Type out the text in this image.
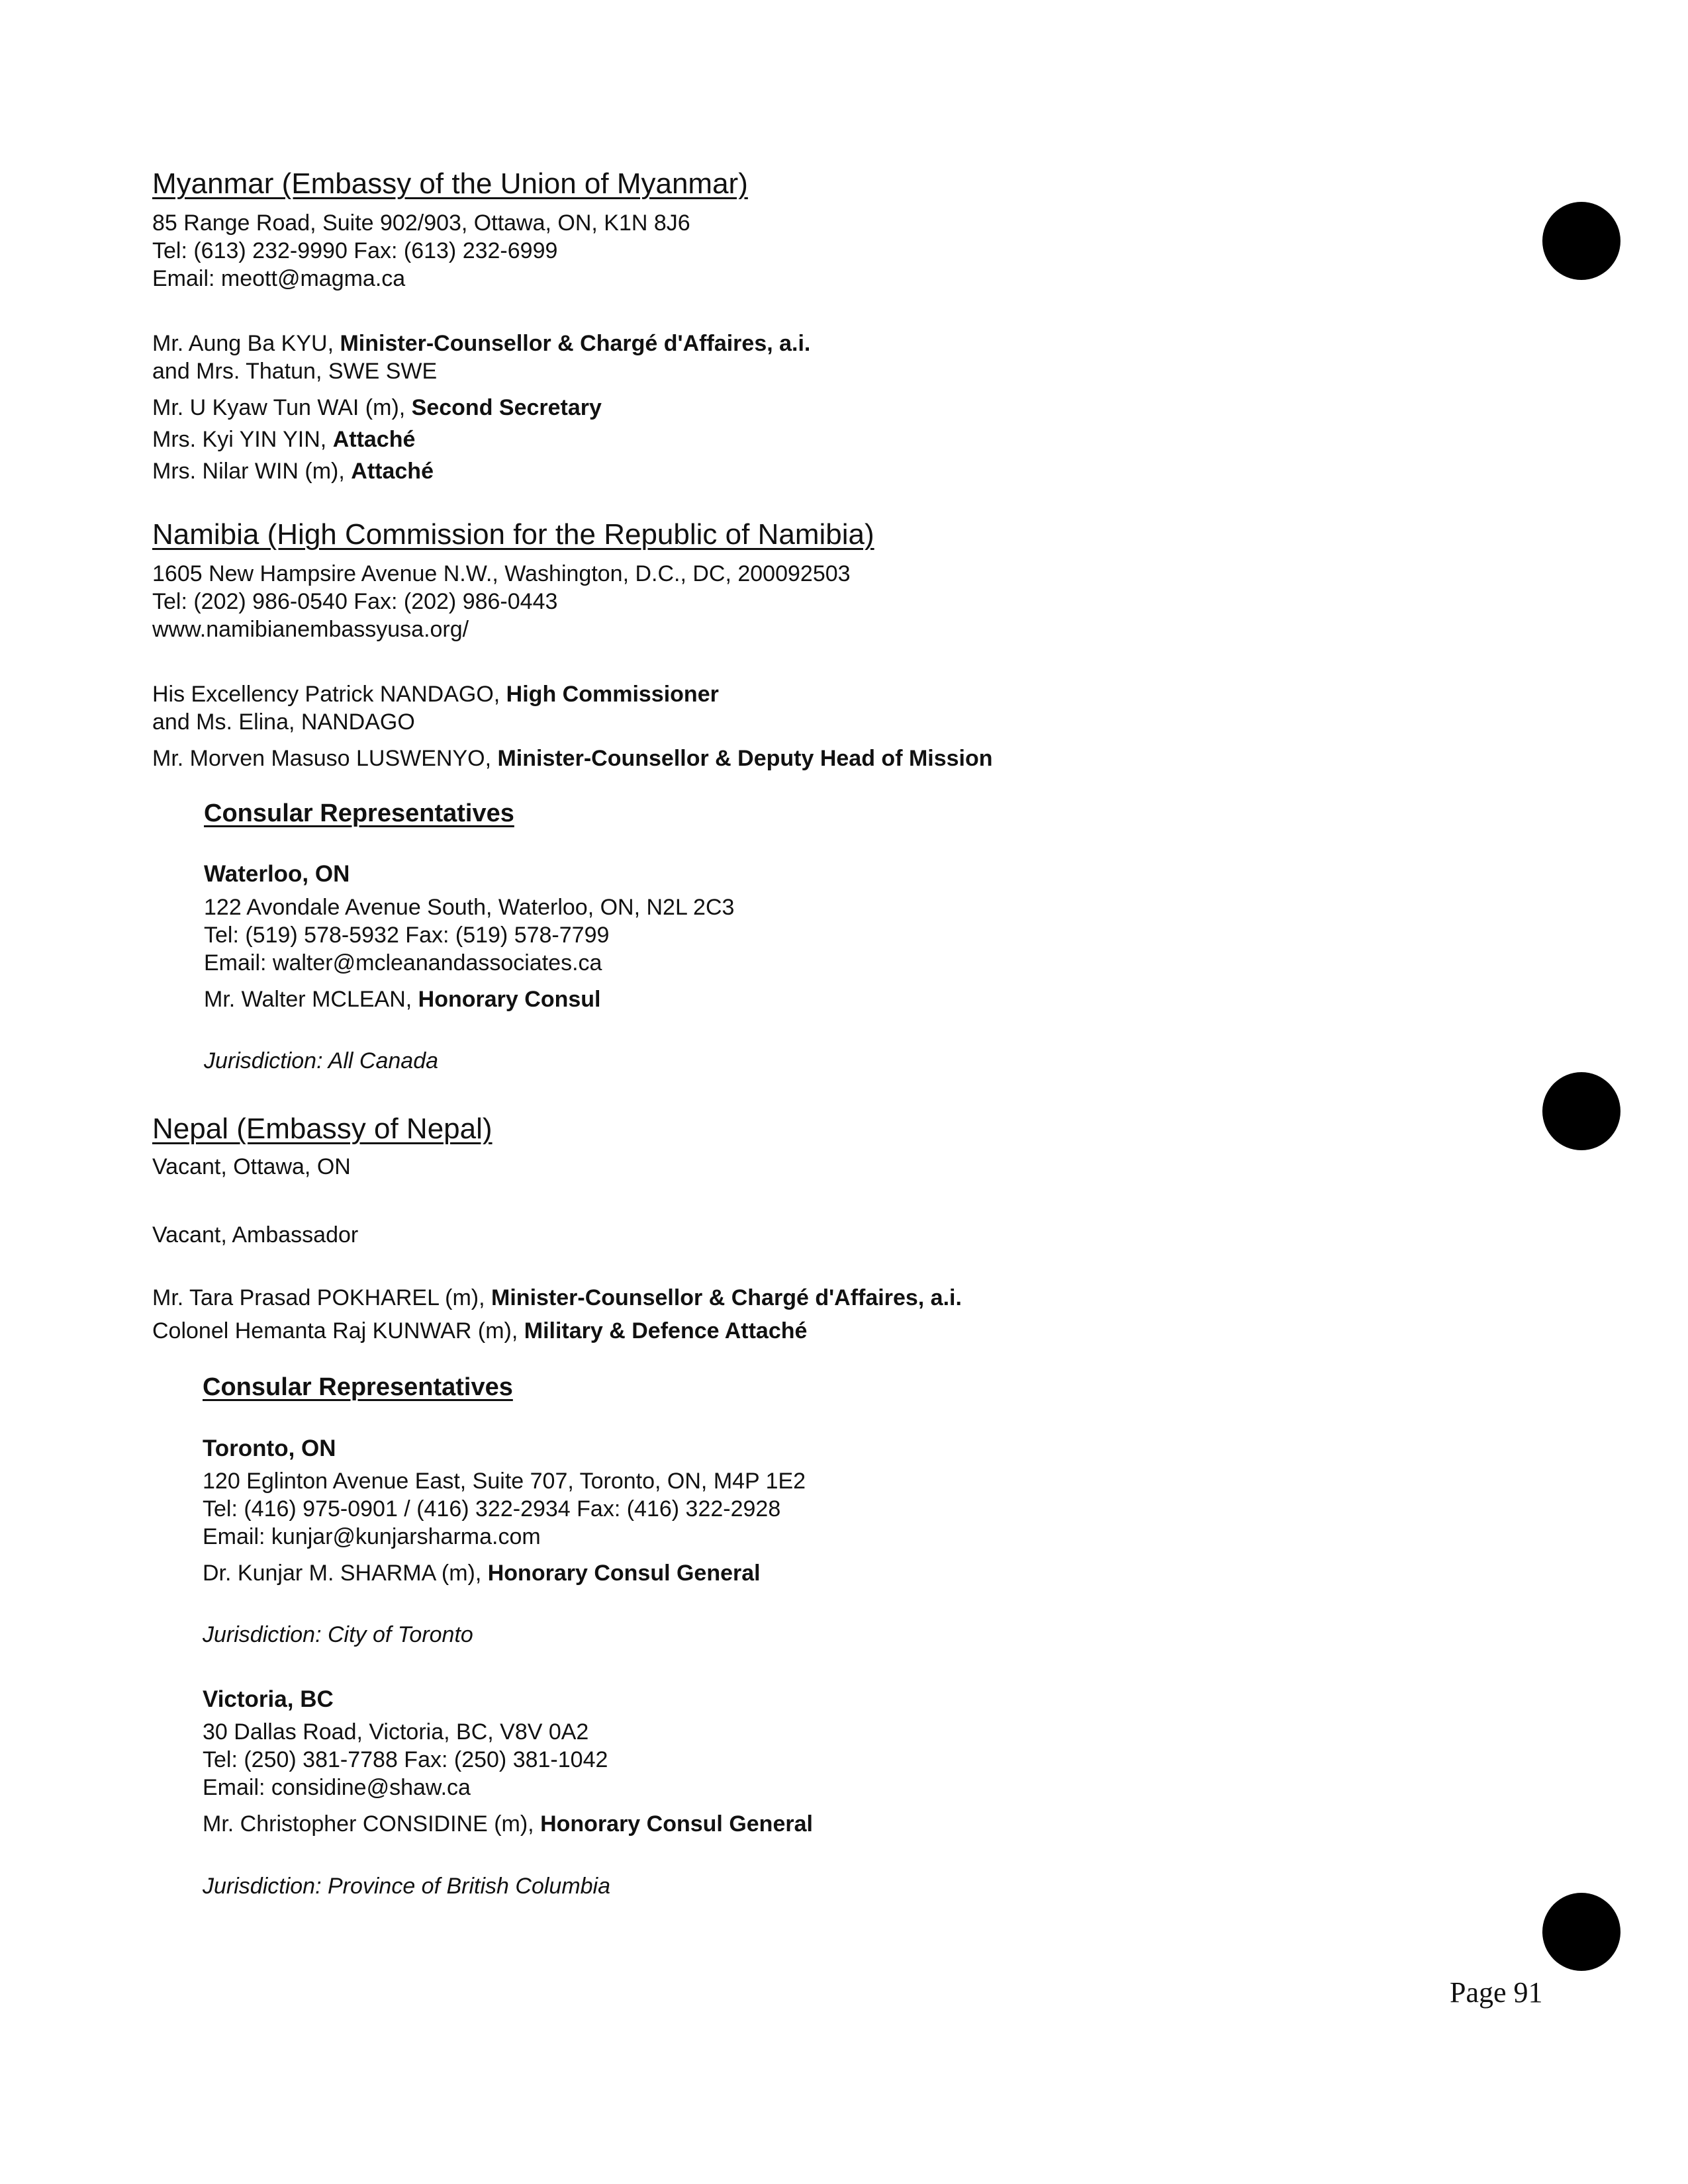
Myanmar (Embassy of the Union of Myanmar)
85 Range Road, Suite 902/903, Ottawa, ON, K1N 8J6
Tel: (613) 232-9990 Fax: (613) 232-6999
Email: meott@magma.ca
Mr. Aung Ba KYU, Minister-Counsellor & Chargé d'Affaires, a.i.
and Mrs. Thatun, SWE SWE
Mr. U Kyaw Tun WAI (m), Second Secretary
Mrs. Kyi YIN YIN, Attaché
Mrs. Nilar WIN (m), Attaché
Namibia (High Commission for the Republic of Namibia)
1605 New Hampsire Avenue N.W., Washington, D.C., DC, 200092503
Tel: (202) 986-0540 Fax: (202) 986-0443
www.namibianembassyusa.org/
His Excellency Patrick NANDAGO, High Commissioner
and Ms. Elina, NANDAGO
Mr. Morven Masuso LUSWENYO, Minister-Counsellor & Deputy Head of Mission
Consular Representatives
Waterloo, ON
122 Avondale Avenue South, Waterloo, ON, N2L 2C3
Tel: (519) 578-5932 Fax: (519) 578-7799
Email: walter@mcleanandassociates.ca
Mr. Walter MCLEAN, Honorary Consul
Jurisdiction: All Canada
Nepal (Embassy of Nepal)
Vacant, Ottawa, ON
Vacant, Ambassador
Mr. Tara Prasad POKHAREL (m), Minister-Counsellor & Chargé d'Affaires, a.i.
Colonel Hemanta Raj KUNWAR (m), Military & Defence Attaché
Consular Representatives
Toronto, ON
120 Eglinton Avenue East, Suite 707, Toronto, ON, M4P 1E2
Tel: (416) 975-0901 / (416) 322-2934 Fax: (416) 322-2928
Email: kunjar@kunjarsharma.com
Dr. Kunjar M. SHARMA (m), Honorary Consul General
Jurisdiction: City of Toronto
Victoria, BC
30 Dallas Road, Victoria, BC, V8V 0A2
Tel: (250) 381-7788 Fax: (250) 381-1042
Email: considine@shaw.ca
Mr. Christopher CONSIDINE (m), Honorary Consul General
Jurisdiction: Province of British Columbia
Page 91
